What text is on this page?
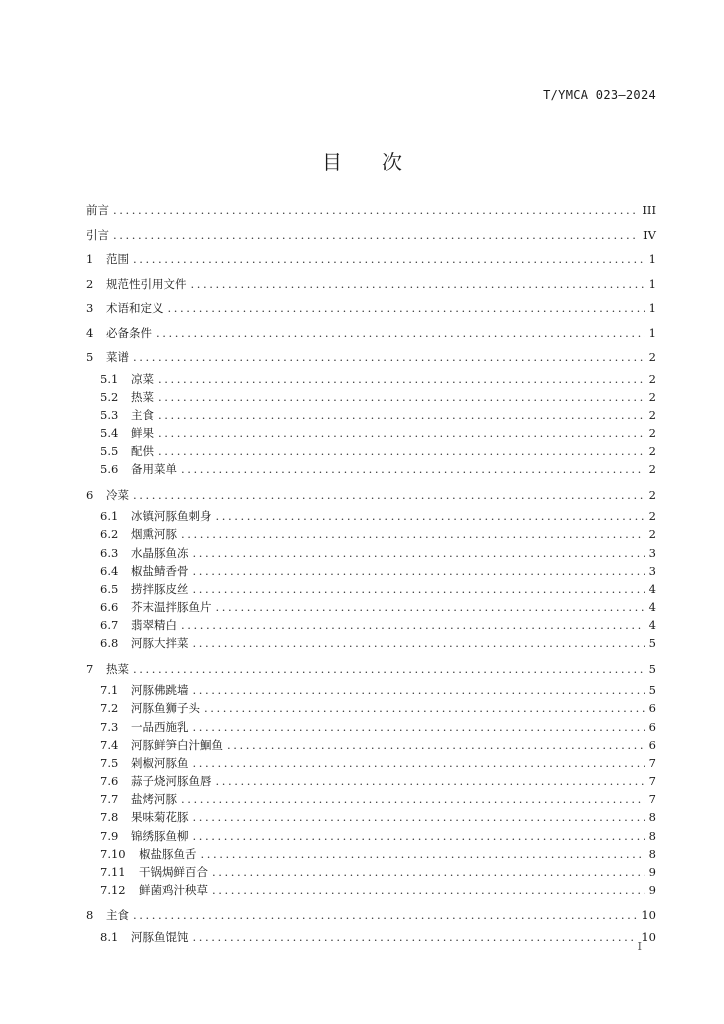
T/YMCA 023—2024
目　　次
前言 .....	III
引言 .....	IV
1	范围 .....	1
2	规范性引用文件 .....	1
3	术语和定义 .....	1
4	必备条件 .....	1
5	菜谱 .....	2
5.1	凉菜 .....	2
5.2	热菜 .....	2
5.3	主食 .....	2
5.4	鲜果 .....	2
5.5	配供 .....	2
5.6	备用菜单 .....	2
6	冷菜 .....	2
6.1	冰镇河豚鱼刺身 .....	2
6.2	烟熏河豚 .....	2
6.3	水晶豚鱼冻 .....	3
6.4	椒盐鲭香骨 .....	3
6.5	捞拌豚皮丝 .....	4
6.6	芥末温拌豚鱼片 .....	4
6.7	翡翠精白 .....	4
6.8	河豚大拌菜 .....	5
7	热菜 .....	5
7.1	河豚佛跳墙 .....	5
7.2	河豚鱼狮子头 .....	6
7.3	一品西施乳 .....	6
7.4	河豚鲜笋白汁鮰鱼 .....	6
7.5	剁椒河豚鱼 .....	7
7.6	蒜子烧河豚鱼唇 .....	7
7.7	盐烤河豚 .....	7
7.8	果味菊花豚 .....	8
7.9	锦绣豚鱼柳 .....	8
7.10	椒盐豚鱼舌 .....	8
7.11	干锅焗鲜百合 .....	9
7.12	鲜菌鸡汁秧草 .....	9
8	主食 .....	10
8.1	河豚鱼馄饨 .....	10
I
